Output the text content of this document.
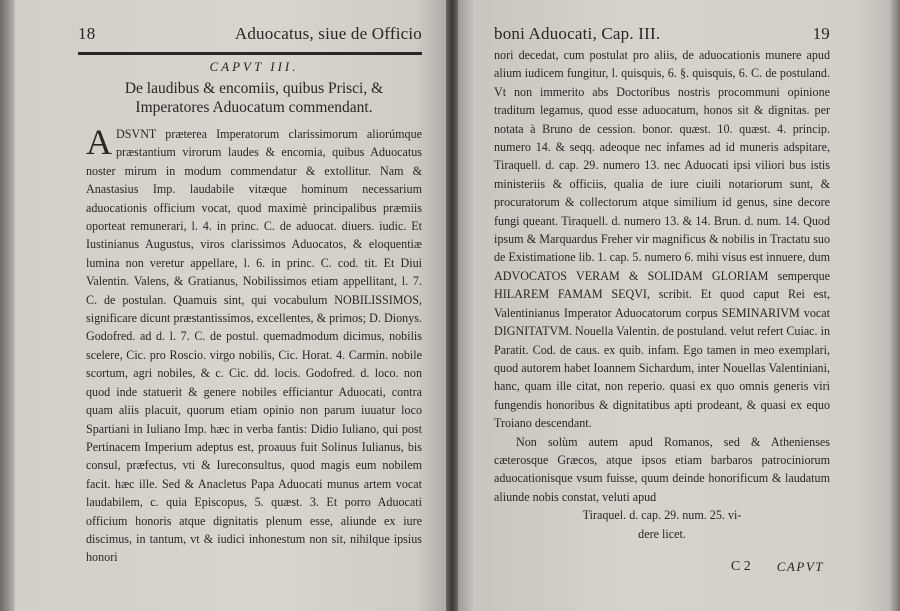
18	Aduocatus, siue de Officio
CAPVT III.
De laudibus & encomiis, quibus Prisci, & Imperatores Aduocatum commendant.

ADSVNT præterea Imperatorum clarissimorum aliorúmque præstantium virorum laudes & encomia, quibus Aduocatus noster mirum in modum commendatur & extollitur. Nam & Anastasius Imp. laudabile vitæque hominum necessarium aduocationis officium vocat, quod maximè principalibus præmiis oporteat remunerari, l. 4. in princ. C. de aduocat. diuers. iudic. Et Iustinianus Augustus, viros clarissimos Aduocatos, & eloquentiæ lumina non veretur appellare, l. 6. in princ. C. cod. tit. Et Diui Valentin. Valens, & Gratianus, Nobilissimos etiam appellitant, l. 7. C. de postulan. Quamuis sint, qui vocabulum NOBILISSIMOS, significare dicunt præstantissimos, excellentes, & primos; D. Dionys. Godofred. ad d. l. 7. C. de postul. quemadmodum dicimus, nobilis scelere, Cic. pro Roscio. virgo nobilis, Cic. Horat. 4. Carmin. nobile scortum, agri nobiles, & c. Cic. dd. locis. Godofred. d. loco. non quod inde statuerit & genere nobiles efficiantur Aduocati, contra quam aliis placuit, quorum etiam opinio non parum iuuatur loco Spartiani in Iuliano Imp. hæc in verba fantis: Didio Iuliano, qui post Pertinacem Imperium adeptus est, proauus fuit Solinus Iulianus, bis consul, præfectus, vti & Iureconsultus, quod magis eum nobilem facit. hæc ille. Sed & Anacletus Papa Aduocati munus artem vocat laudabilem, c. quia Episcopus, 5. quæst. 3. Et porro Aduocati officium honoris atque dignitatis plenum esse, aliunde ex iure discimus, in tantum, vt & iudici inhonestum non sit, nihilque ipsius honori

boni Aduocati, Cap. III.	19

nori decedat, cum postulat pro aliis, de aduocationis munere apud alium iudicem fungitur, l. quisquis, 6. §. quisquis, 6. C. de postuland. Vt non immerito abs Doctoribus nostris procommuni opinione traditum legamus, quod esse aduocatum, honos sit & dignitas. per notata à Bruno de cession. bonor. quæst. 10. quæst. 4. princip. numero 14. & seqq. adeoque nec infames ad id muneris adspitare, Tiraquell. d. cap. 29. numero 13. nec Aduocati ipsi viliori bus istis ministeriis & officiis, qualia de iure ciuili notariorum sunt, & procuratorum & collectorum atque similium id genus, sine decore fungi queant. Tiraquell. d. numero 13. & 14. Brun. d. num. 14. Quod ipsum & Marquardus Freher vir magnificus & nobilis in Tractatu suo de Existimatione lib. 1. cap. 5. numero 6. mihi visus est innuere, dum ADVOCATOS VERAM & SOLIDAM GLORIAM semperque HILAREM FAMAM SEQVI, scribit. Et quod caput Rei est, Valentinianus Imperator Aduocatorum corpus SEMINARIVM vocat DIGNITATVM. Nouella Valentin. de postuland. velut refert Cuiac. in Paratit. Cod. de caus. ex quib. infam. Ego tamen in meo exemplari, quod autorem habet Ioannem Sichardum, inter Nouellas Valentiniani, hanc, quam ille citat, non reperio. quasi ex quo omnis generis viri fungendis honoribus & dignitatibus apti prodeant, & quasi ex equo Troiano descendant.

Non solùm autem apud Romanos, sed & Athenienses cæterosque Græcos, atque ipsos etiam barbaros patrociniorum aduocationisque vsum fuisse, quum deinde honorificum & laudatum aliunde nobis constat, veluti apud

Tiraquel. d. cap. 29. num. 25. vi-
dere licet.
C 2 CAPVT
